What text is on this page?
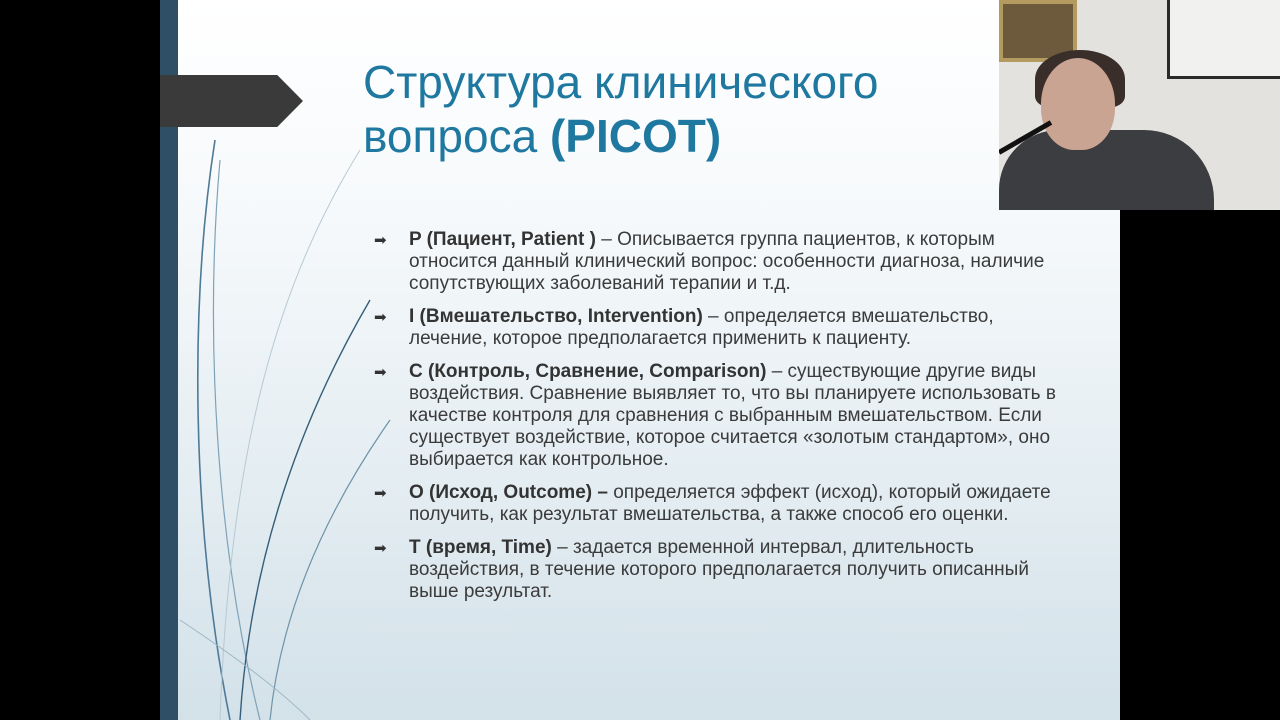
Структура клинического вопроса (PICOT)
➡ P (Пациент, Patient ) – Описывается группа пациентов, к которым относится данный клинический вопрос: особенности диагноза, наличие сопутствующих заболеваний терапии и т.д.
➡ I (Вмешательство, Intervention) – определяется вмешательство, лечение, которое предполагается применить к пациенту.
➡ C (Контроль, Сравнение, Comparison) – существующие другие виды воздействия. Сравнение выявляет то, что вы планируете использовать в качестве контроля для сравнения с выбранным вмешательством. Если существует воздействие, которое считается «золотым стандартом», оно выбирается как контрольное.
➡ O (Исход, Outcome) – определяется эффект (исход), который ожидаете получить, как результат вмешательства, а также способ его оценки.
➡ T (время, Time) – задается временной интервал, длительность воздействия, в течение которого предполагается получить описанный выше результат.
